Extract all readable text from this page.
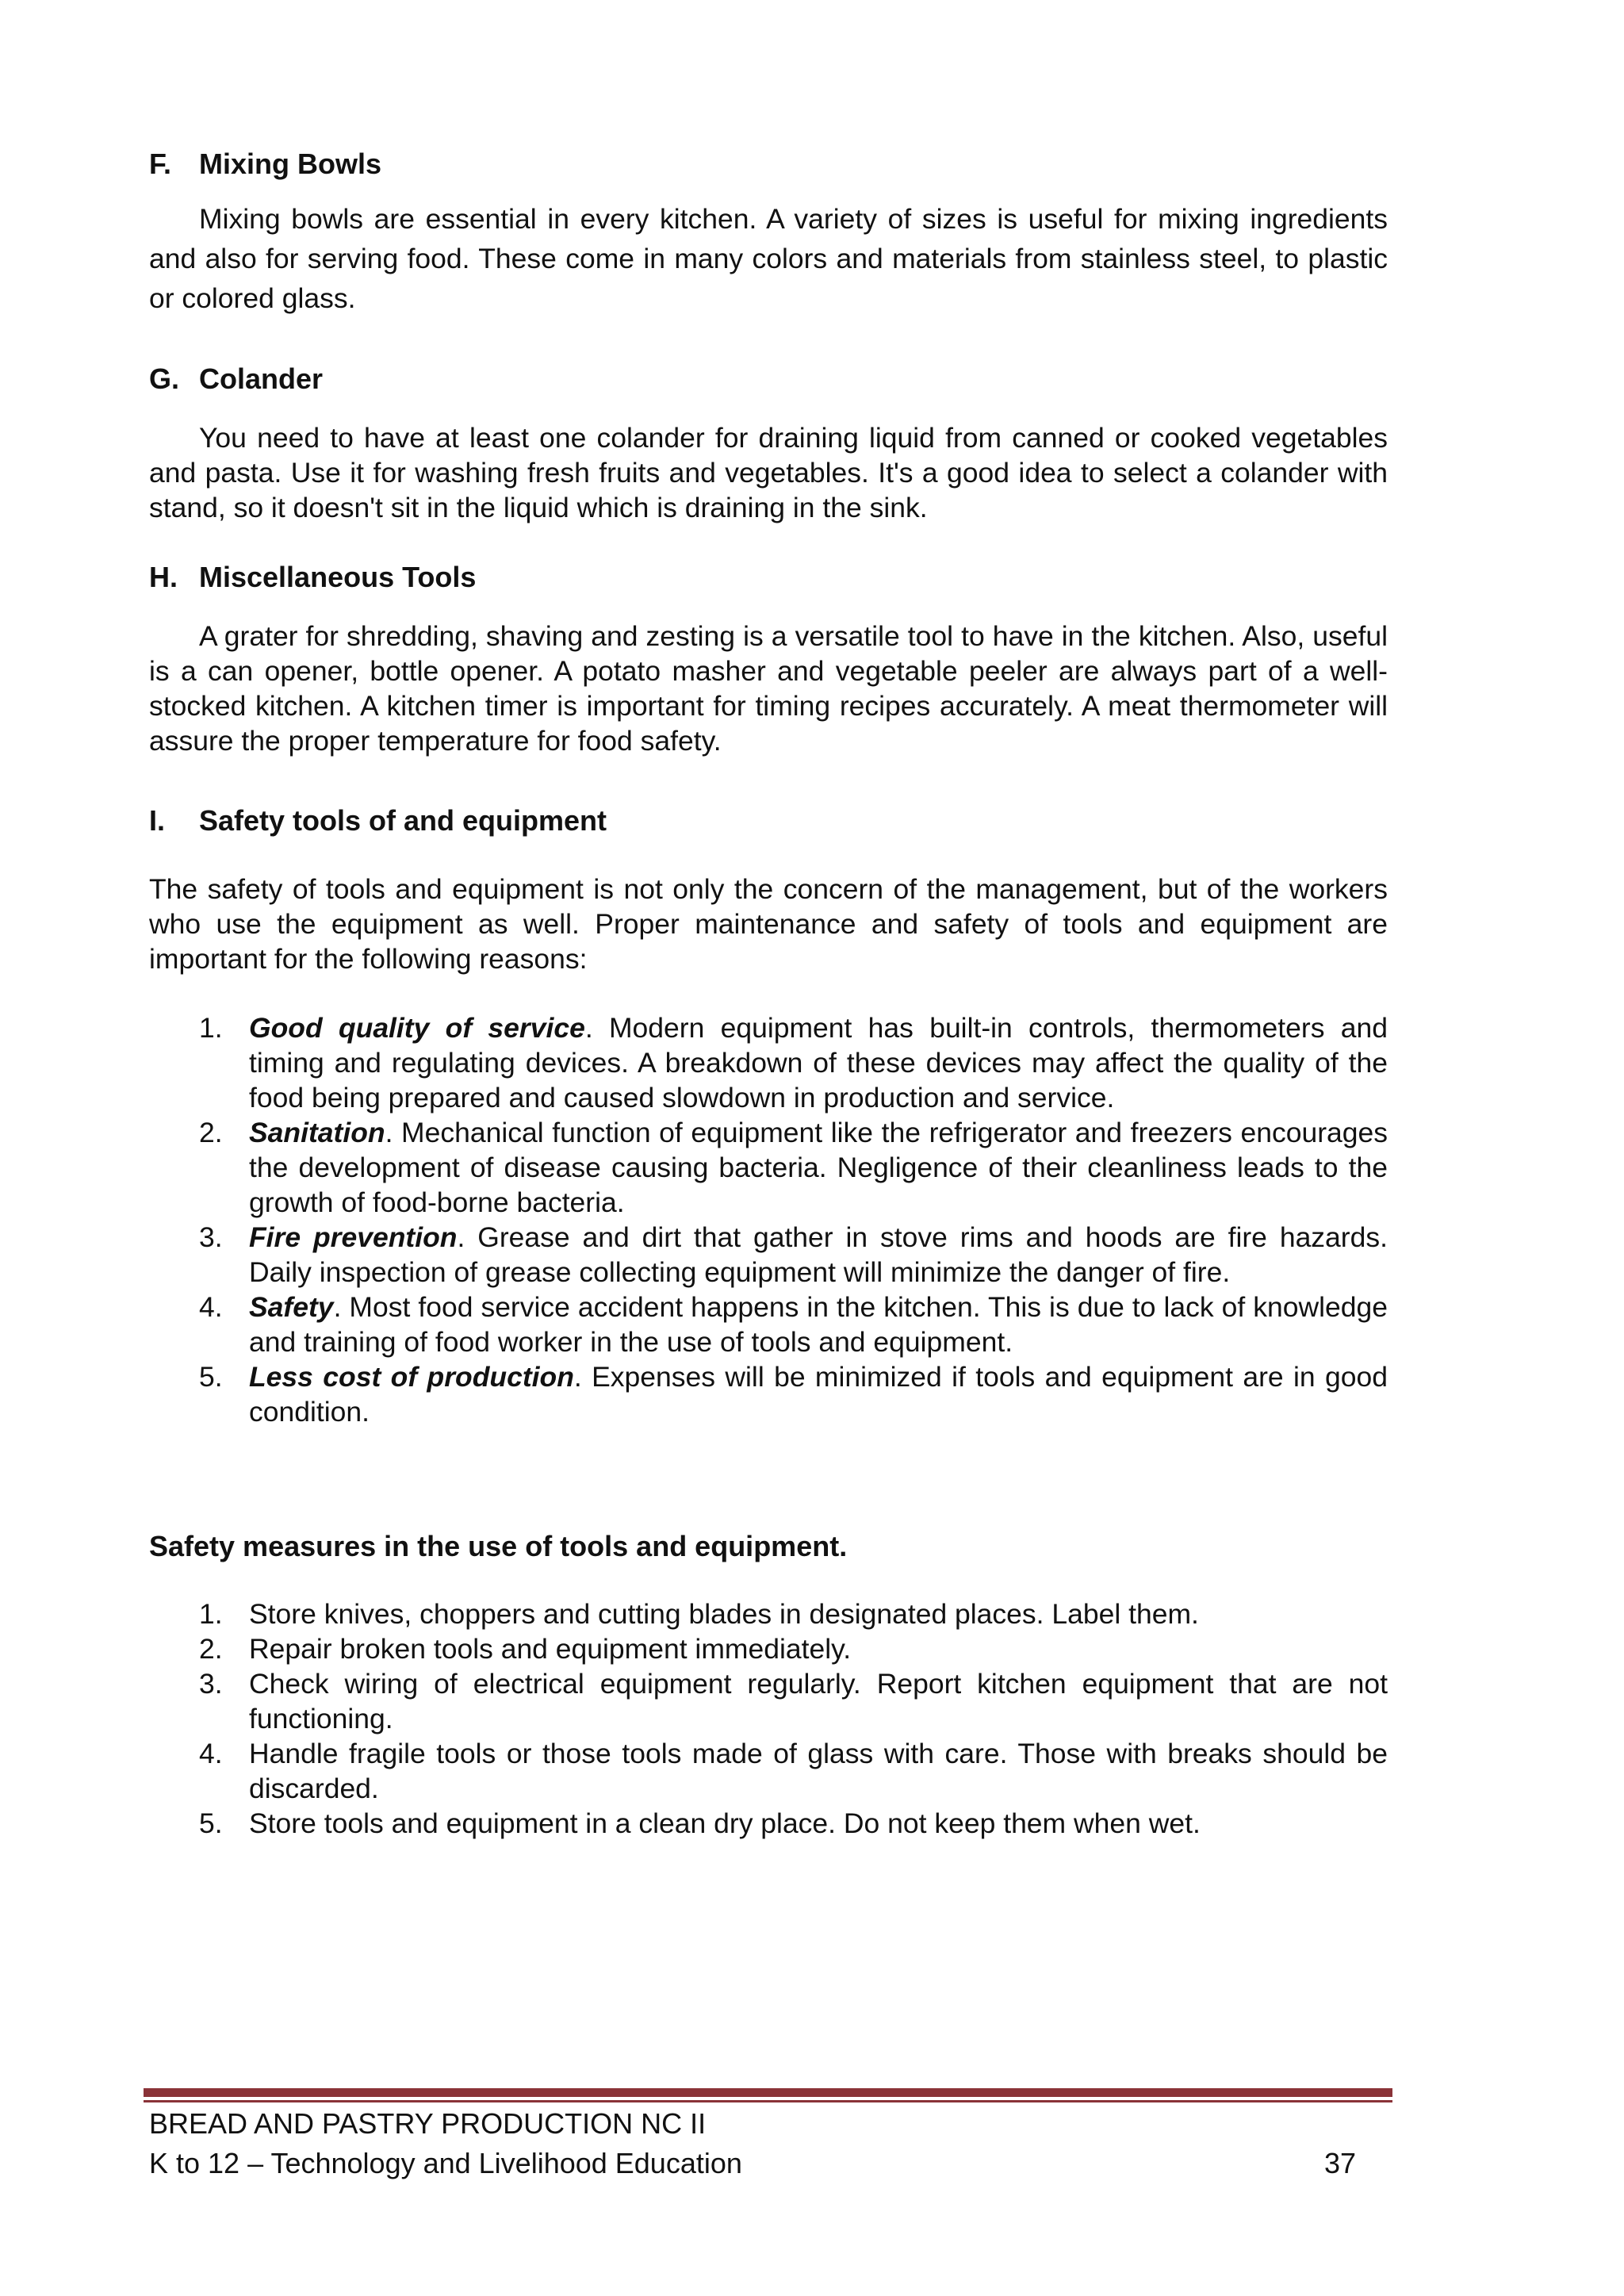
F. Mixing Bowls

Mixing bowls are essential in every kitchen. A variety of sizes is useful for mixing ingredients and also for serving food. These come in many colors and materials from stainless steel, to plastic or colored glass.

G. Colander

You need to have at least one colander for draining liquid from canned or cooked vegetables and pasta. Use it for washing fresh fruits and vegetables. It's a good idea to select a colander with stand, so it doesn't sit in the liquid which is draining in the sink.

H. Miscellaneous Tools

A grater for shredding, shaving and zesting is a versatile tool to have in the kitchen. Also, useful is a can opener, bottle opener. A potato masher and vegetable peeler are always part of a well-stocked kitchen. A kitchen timer is important for timing recipes accurately. A meat thermometer will assure the proper temperature for food safety.

I. Safety tools of and equipment

The safety of tools and equipment is not only the concern of the management, but of the workers who use the equipment as well. Proper maintenance and safety of tools and equipment are important for the following reasons:

1. Good quality of service. Modern equipment has built-in controls, thermometers and timing and regulating devices. A breakdown of these devices may affect the quality of the food being prepared and caused slowdown in production and service.
2. Sanitation. Mechanical function of equipment like the refrigerator and freezers encourages the development of disease causing bacteria. Negligence of their cleanliness leads to the growth of food-borne bacteria.
3. Fire prevention. Grease and dirt that gather in stove rims and hoods are fire hazards. Daily inspection of grease collecting equipment will minimize the danger of fire.
4. Safety. Most food service accident happens in the kitchen. This is due to lack of knowledge and training of food worker in the use of tools and equipment.
5. Less cost of production. Expenses will be minimized if tools and equipment are in good condition.
Safety measures in the use of tools and equipment.
1. Store knives, choppers and cutting blades in designated places. Label them.
2. Repair broken tools and equipment immediately.
3. Check wiring of electrical equipment regularly. Report kitchen equipment that are not functioning.
4. Handle fragile tools or those tools made of glass with care. Those with breaks should be discarded.
5. Store tools and equipment in a clean dry place. Do not keep them when wet.
BREAD AND PASTRY PRODUCTION NC II
K to 12 – Technology and Livelihood Education	37
